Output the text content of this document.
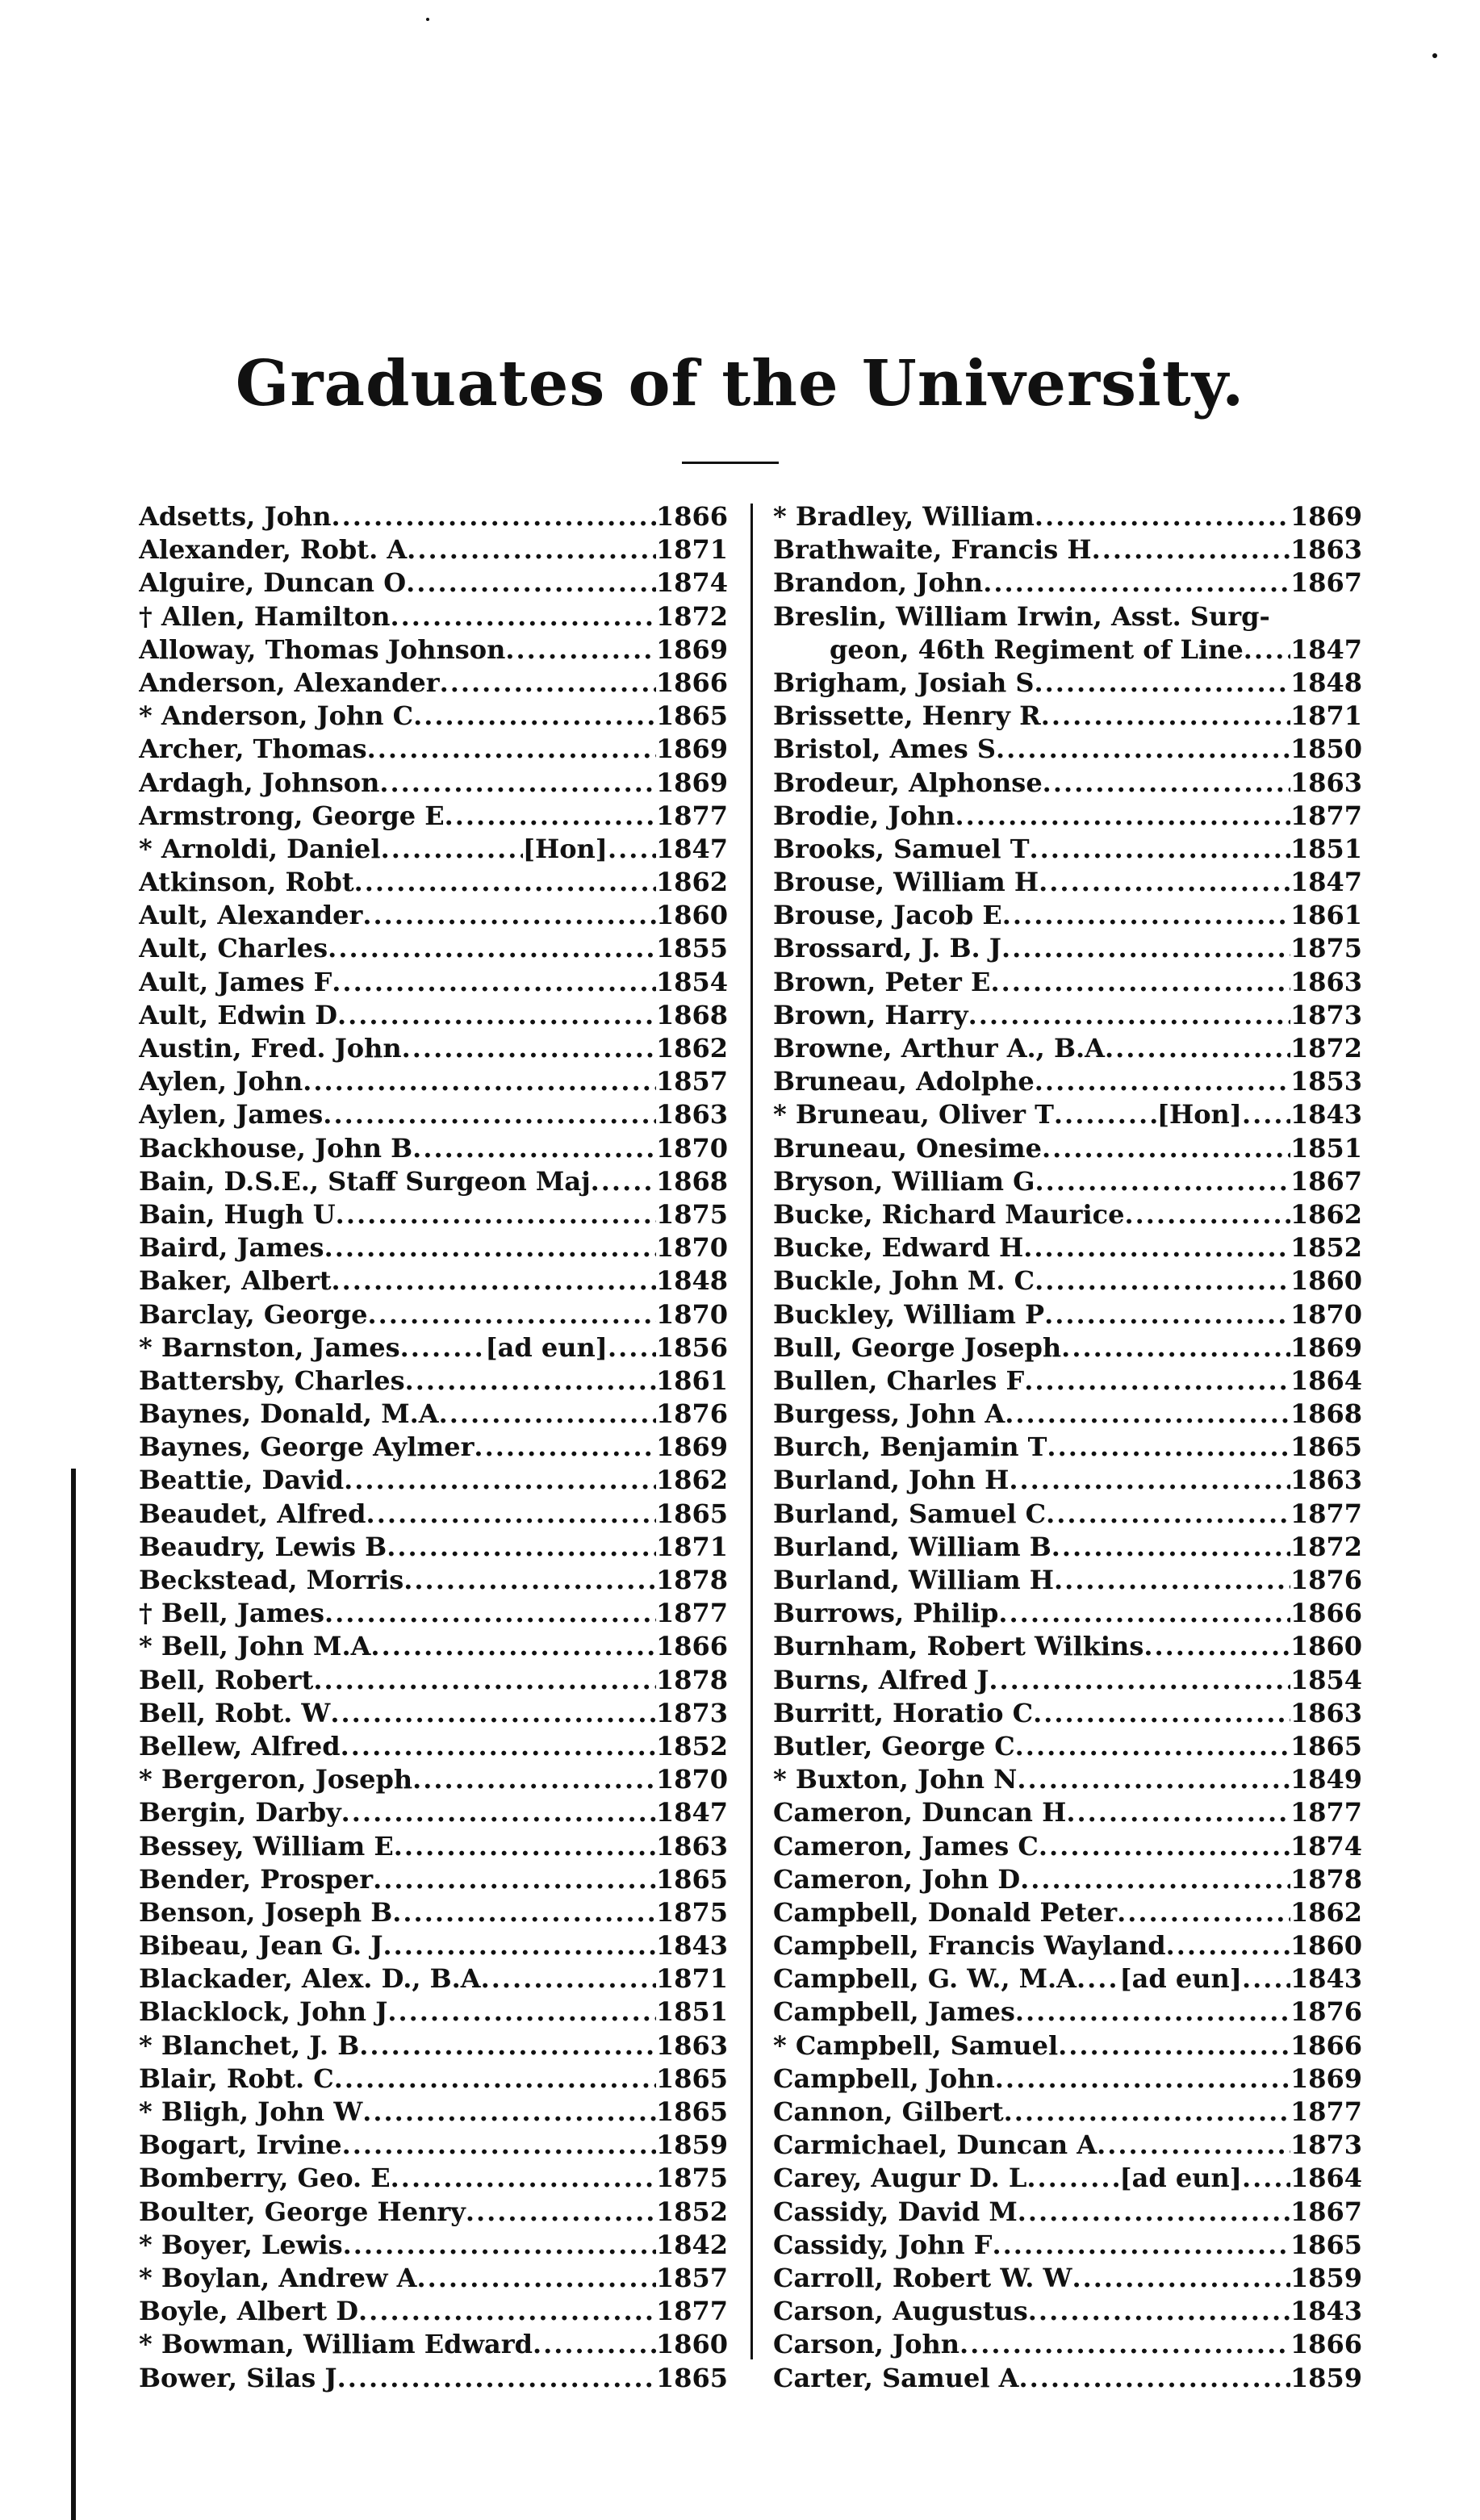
Graduates of the University.
Adsetts, John .....	1866
Alexander, Robt. A .....	1871
Alguire, Duncan O .....	1874
† Allen, Hamilton .....	1872
Alloway, Thomas Johnson .....	1869
Anderson, Alexander .....	1866
* Anderson, John C .....	1865
Archer, Thomas .....	1869
Ardagh, Johnson .....	1869
Armstrong, George E .....	1877
* Arnoldi, Daniel .....	[Hon] ..... 1847
Atkinson, Robt .....	1862
Ault, Alexander .....	1860
Ault, Charles .....	1855
Ault, James F .....	1854
Ault, Edwin D .....	1868
Austin, Fred. John .....	1862
Aylen, John .....	1857
Aylen, James .....	1863
Backhouse, John B .....	1870
Bain, D.S.E., Staff Surgeon Maj .....	1868
Bain, Hugh U .....	1875
Baird, James .....	1870
Baker, Albert .....	1848
Barclay, George .....	1870
* Barnston, James .....	[ad eun] ..... 1856
Battersby, Charles .....	1861
Baynes, Donald, M.A .....	1876
Baynes, George Aylmer .....	1869
Beattie, David .....	1862
Beaudet, Alfred .....	1865
Beaudry, Lewis B .....	1871
Beckstead, Morris .....	1878
† Bell, James .....	1877
* Bell, John M.A .....	1866
Bell, Robert .....	1878
Bell, Robt. W .....	1873
Bellew, Alfred .....	1852
* Bergeron, Joseph .....	1870
Bergin, Darby .....	1847
Bessey, William E .....	1863
Bender, Prosper .....	1865
Benson, Joseph B .....	1875
Bibeau, Jean G. J .....	1843
Blackader, Alex. D., B.A .....	1871
Blacklock, John J .....	1851
* Blanchet, J. B .....	1863
Blair, Robt. C .....	1865
* Bligh, John W .....	1865
Bogart, Irvine .....	1859
Bomberry, Geo. E .....	1875
Boulter, George Henry .....	1852
* Boyer, Lewis .....	1842
* Boylan, Andrew A .....	1857
Boyle, Albert D .....	1877
* Bowman, William Edward .....	1860
Bower, Silas J .....	1865
* Bradley, William .....	1869
Brathwaite, Francis H .....	1863
Brandon, John .....	1867
Breslin, William Irwin, Asst. Surg-
geon, 46th Regiment of Line ..... 1847
Brigham, Josiah S .....	1848
Brissette, Henry R .....	1871
Bristol, Ames S .....	1850
Brodeur, Alphonse .....	1863
Brodie, John .....	1877
Brooks, Samuel T .....	1851
Brouse, William H .....	1847
Brouse, Jacob E .....	1861
Brossard, J. B. J .....	1875
Brown, Peter E .....	1863
Brown, Harry .....	1873
Browne, Arthur A., B.A .....	1872
Bruneau, Adolphe .....	1853
* Bruneau, Oliver T .....	[Hon] ..... 1843
Bruneau, Onesime .....	1851
Bryson, William G .....	1867
Bucke, Richard Maurice .....	1862
Bucke, Edward H .....	1852
Buckle, John M. C .....	1860
Buckley, William P .....	1870
Bull, George Joseph .....	1869
Bullen, Charles F .....	1864
Burgess, John A .....	1868
Burch, Benjamin T .....	1865
Burland, John H .....	1863
Burland, Samuel C .....	1877
Burland, William B .....	1872
Burland, William H .....	1876
Burrows, Philip .....	1866
Burnham, Robert Wilkins .....	1860
Burns, Alfred J .....	1854
Burritt, Horatio C .....	1863
Butler, George C .....	1865
* Buxton, John N .....	1849
Cameron, Duncan H .....	1877
Cameron, James C .....	1874
Cameron, John D .....	1878
Campbell, Donald Peter .....	1862
Campbell, Francis Wayland .....	1860
Campbell, G. W., M.A ..... [ad eun] ..... 1843
Campbell, James .....	1876
* Campbell, Samuel .....	1866
Campbell, John .....	1869
Cannon, Gilbert .....	1877
Carmichael, Duncan A .....	1873
Carey, Augur D. L .....	[ad eun] ..... 1864
Cassidy, David M .....	1867
Cassidy, John F .....	1865
Carroll, Robert W. W .....	1859
Carson, Augustus .....	1843
Carson, John .....	1866
Carter, Samuel A .....	1859
